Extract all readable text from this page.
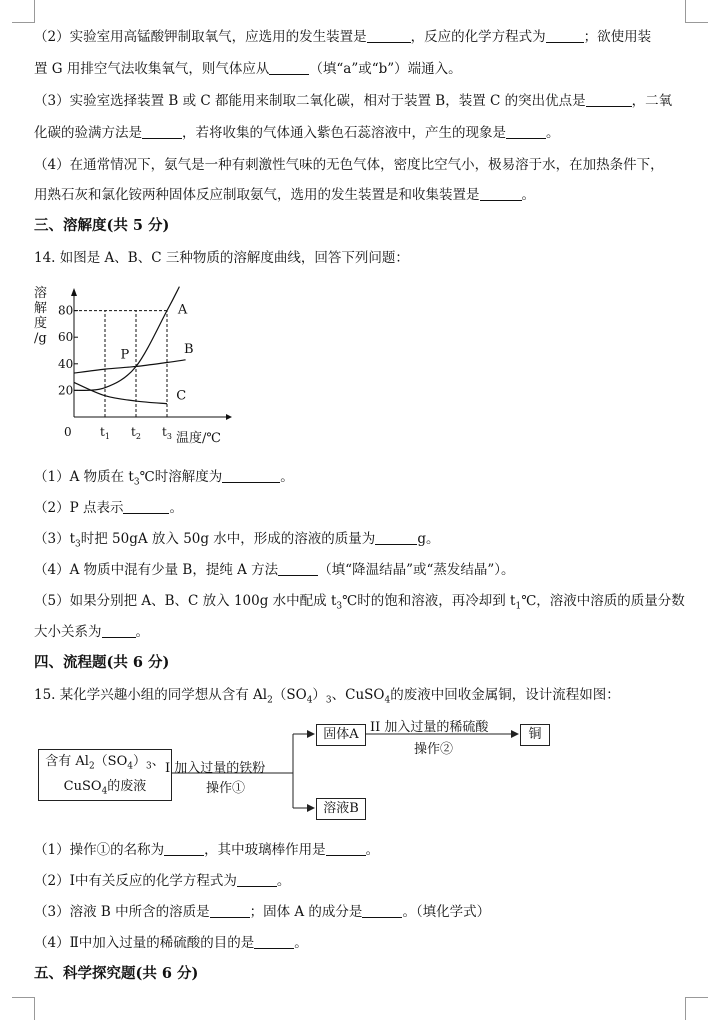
（2）实验室用高锰酸钾制取氧气，应选用的发生装置是	，反应的化学方程式为	；欲使用装
置 G 用排空气法收集氧气，则气体应从	（填“a”或“b”）端通入。
（3）实验室选择装置 B 或 C 都能用来制取二氧化碳，相对于装置 B，装置 C 的突出优点是	，二氧
化碳的验满方法是	，若将收集的气体通入紫色石蕊溶液中，产生的现象是	。
（4）在通常情况下，氨气是一种有刺激性气味的无色气体，密度比空气小，极易溶于水，在加热条件下，
用熟石灰和氯化铵两种固体反应制取氨气，选用的发生装置是和收集装置是	。
三、溶解度(共 5 分)
14. 如图是 A、B、C 三种物质的溶解度曲线，回答下列问题：
溶
解
度
/g
20
40
60
80
0 $t_1$ $t_2$ $t_3$ 温度/℃
A
B
C
P
（1）A 物质在 $t_3℃$时溶解度为	。
（2）P 点表示	。
$(3)t_3$时把 50gA 放入 50g 水中，形成的溶液的质量为	g。
（4）A 物质中混有少量 B，提纯 A 方法	（填“降温结晶”或“蒸发结晶”）。
（5）如果分别把 A、B、C 放入 100g 水中配成 $t_3℃$时的饱和溶液，再冷却到 $t_1℃$，溶液中溶质的质量分数
大小关系为	。
四、流程题(共 6 分)
15. 某化学兴趣小组的同学想从含有 $Al_2(SO_4)_3$、CuSO$_4$的废液中回收金属铜，设计流程如图：
含有 $Al_2(SO_4)_3$、
CuSO$_4$的废液
I 加入过量的铁粉
操作①
固体A
溶液B
II 加入过量的稀硫酸
操作②
铜
（1）操作①的名称为	，其中玻璃棒作用是	。
（2）Ⅰ中有关反应的化学方程式为	。
（3）溶液 B 中所含的溶质是	；固体 A 的成分是	。（填化学式）
（4）Ⅱ中加入过量的稀硫酸的目的是	。
五、科学探究题(共 6 分)
